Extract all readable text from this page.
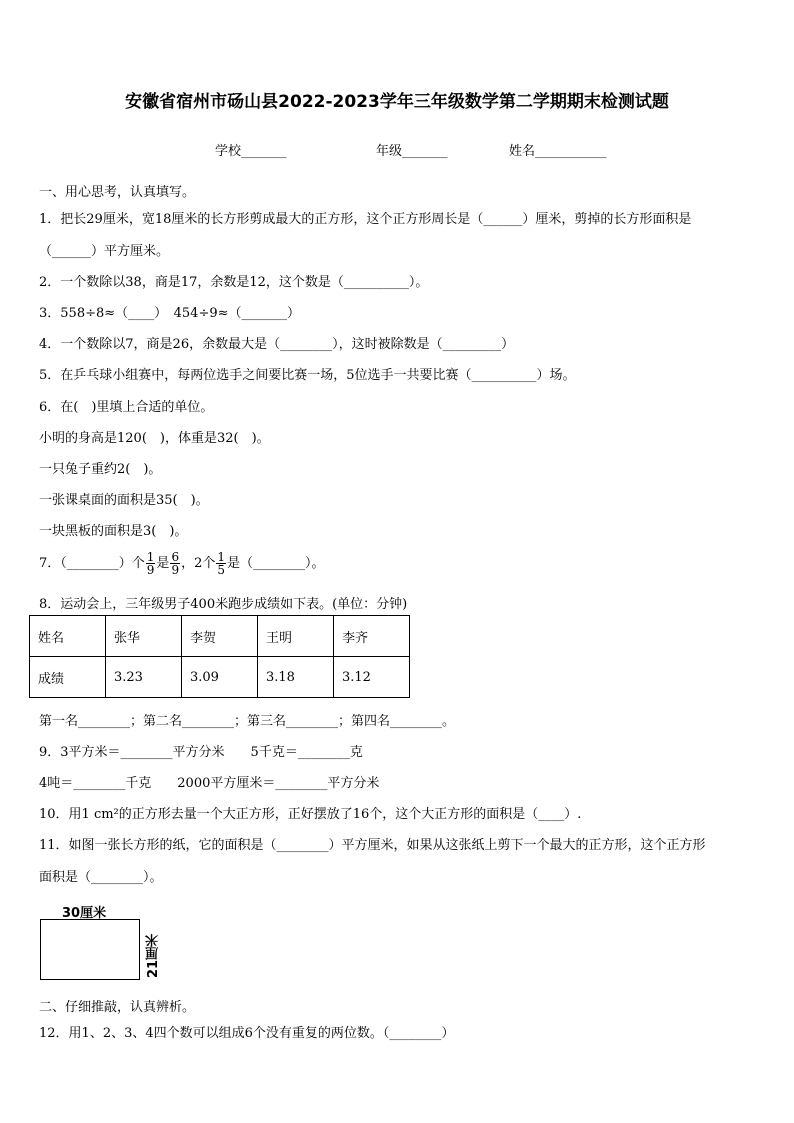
安徽省宿州市砀山县2022-2023学年三年级数学第二学期期末检测试题
学校_______	年级_______	姓名___________
一、用心思考，认真填写。
1．把长29厘米，宽18厘米的长方形剪成最大的正方形，这个正方形周长是（______）厘米，剪掉的长方形面积是
（______）平方厘米。
2．一个数除以38，商是17，余数是12，这个数是（__________）。
3．558÷8≈（____）　454÷9≈（_______）
4．一个数除以7，商是26，余数最大是（________），这时被除数是（_________）
5．在乒乓球小组赛中，每两位选手之间要比赛一场，5位选手一共要比赛（__________）场。
6．在(　)里填上合适的单位。
小明的身高是120(　)，体重是32(　)。
一只兔子重约2(　)。
一张课桌面的面积是35(　)。
一块黑板的面积是3(　)。
7．（________）个 $\frac{1}{9}$ 是 $\frac{6}{9}$ ，2个 $\frac{1}{5}$ 是（________）。
8．运动会上，三年级男子400米跑步成绩如下表。(单位：分钟)
姓名	张华	李贺	王明	李齐
成绩	3.23	3.09	3.18	3.12
第一名________；第二名________；第三名________；第四名________。
9．3平方米＝________平方分米　　5千克＝________克
4吨＝________千克　　2000平方厘米＝________平方分米
10．用1 cm²的正方形去量一个大正方形，正好摆放了16个，这个大正方形的面积是（____）.
11．如图一张长方形的纸，它的面积是（________）平方厘米，如果从这张纸上剪下一个最大的正方形，这个正方形
面积是（________）。
30厘米
21厘米
二、仔细推敲，认真辨析。
12．用1、2、3、4四个数可以组成6个没有重复的两位数。（________）
